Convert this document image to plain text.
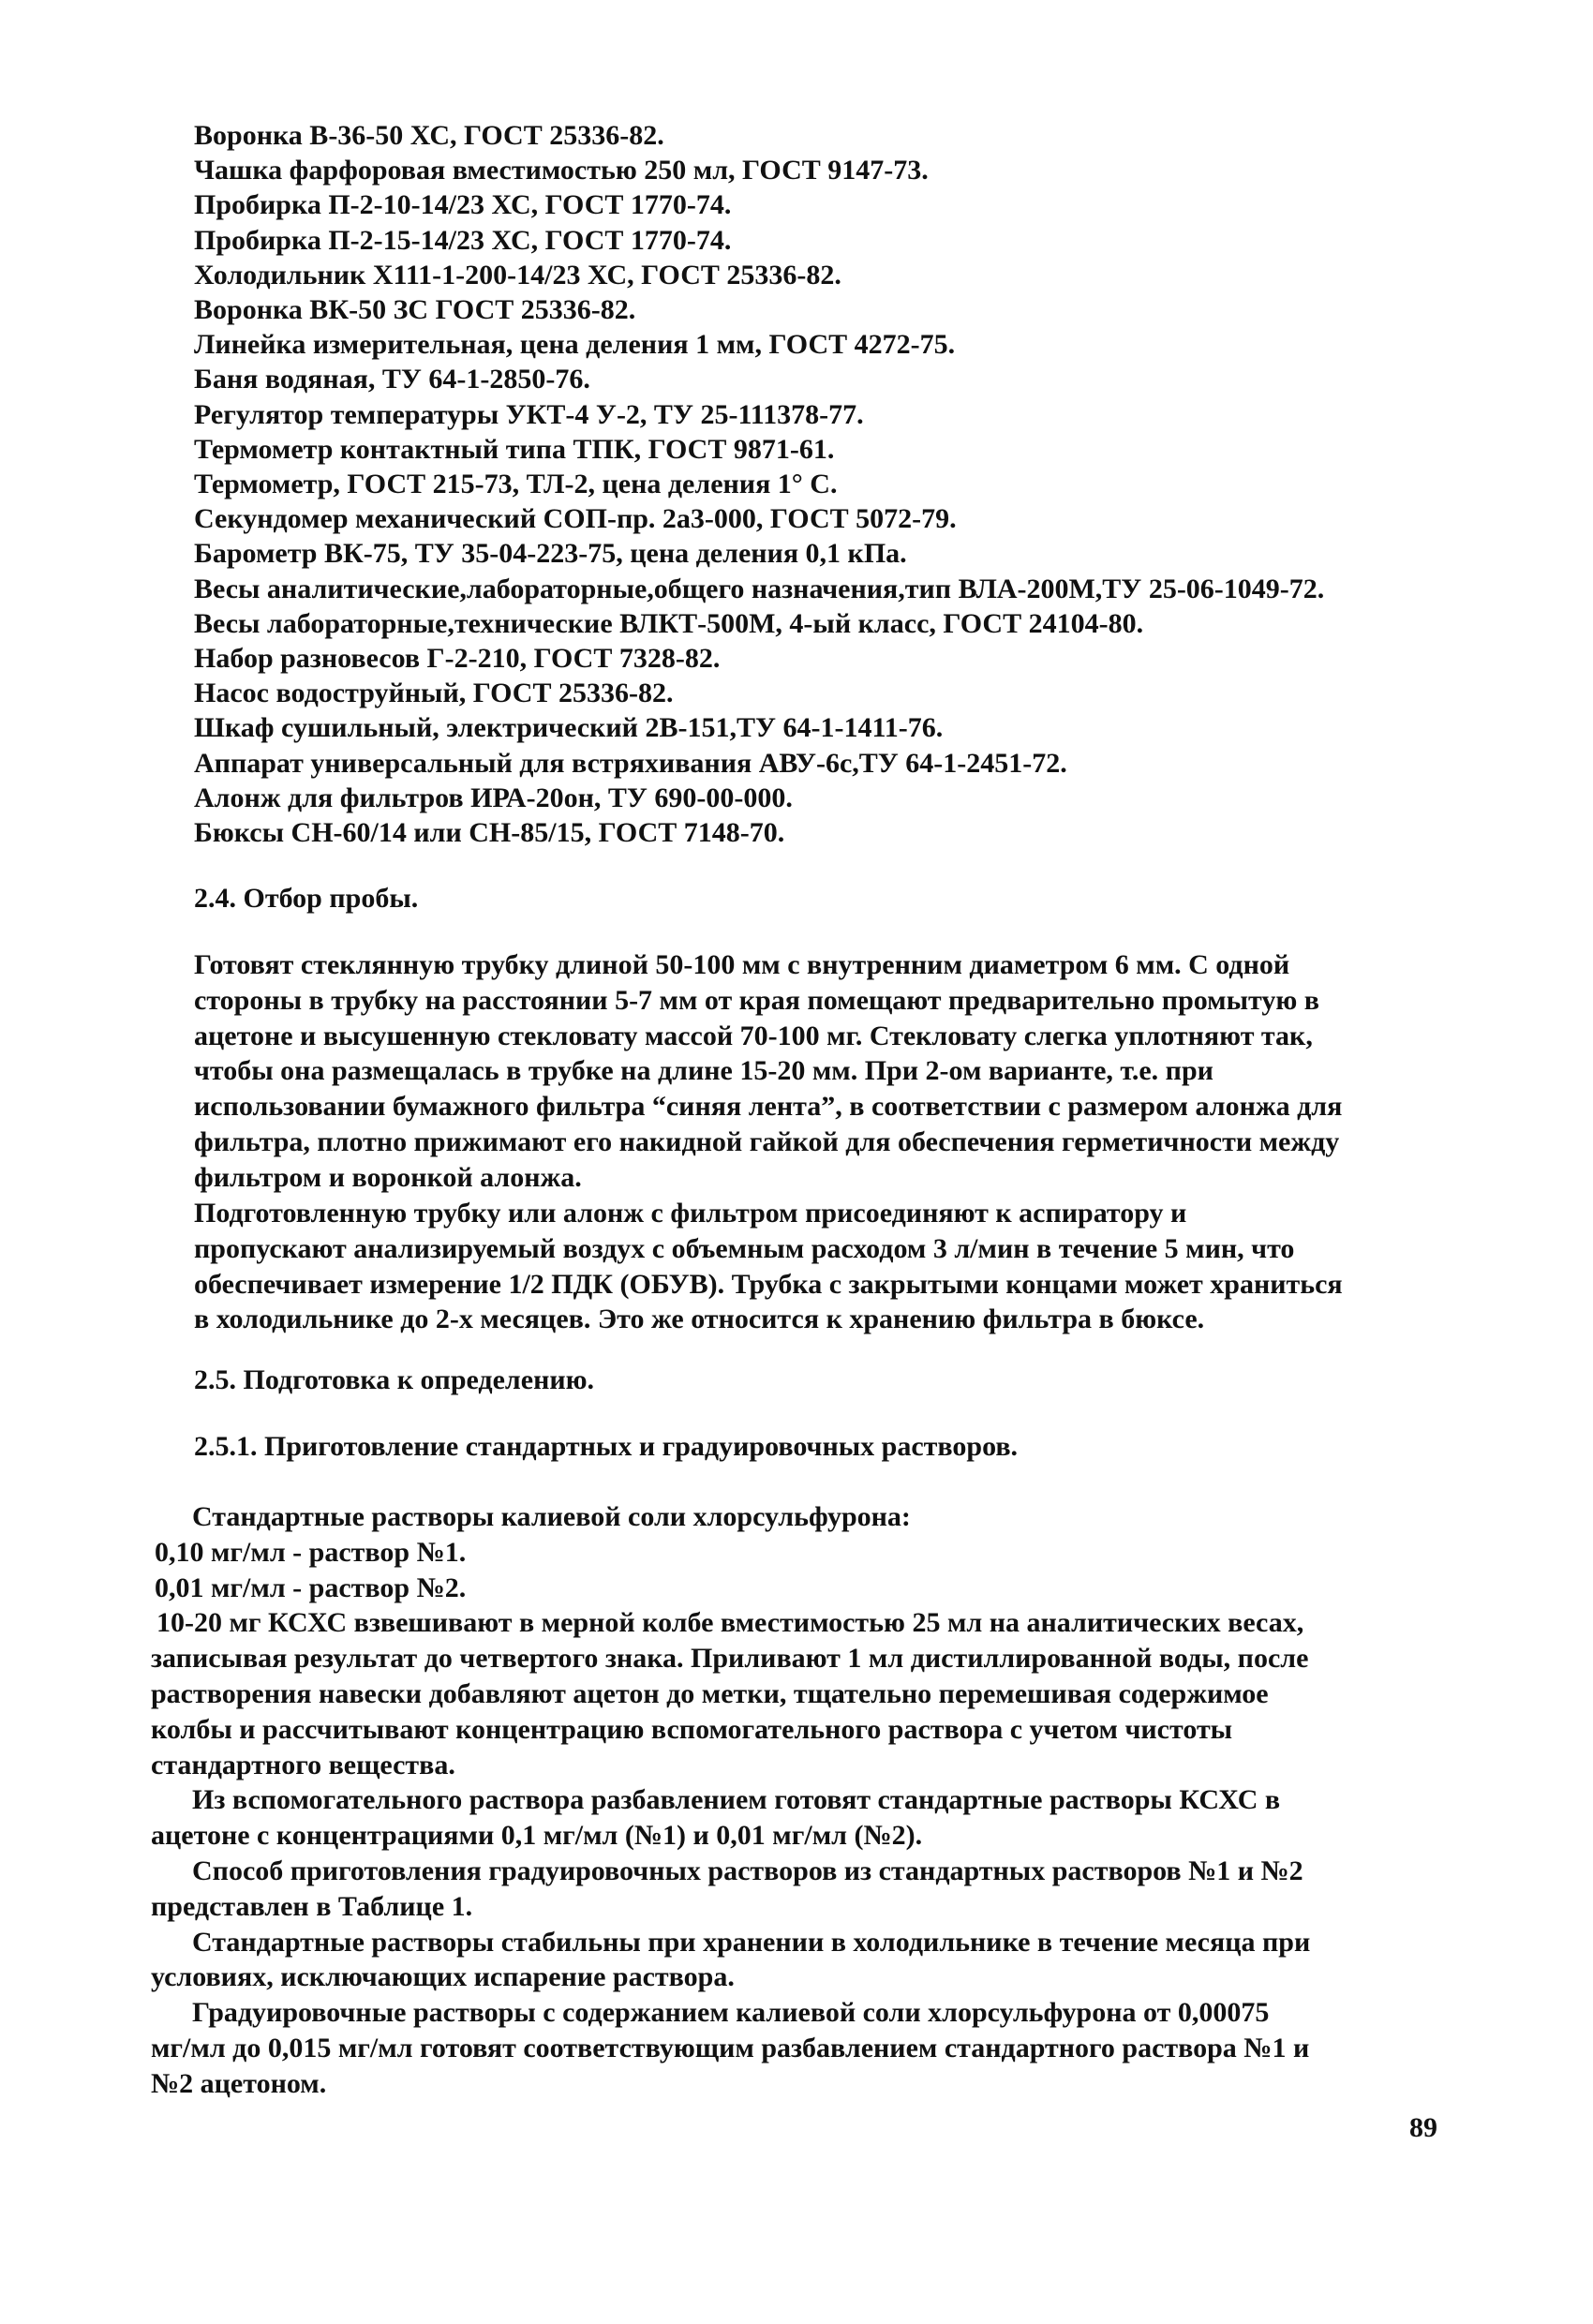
Воронка В-36-50 ХС, ГОСТ 25336-82.
Чашка фарфоровая вместимостью 250 мл, ГОСТ 9147-73.
Пробирка П-2-10-14/23 ХС, ГОСТ 1770-74.
Пробирка П-2-15-14/23 ХС, ГОСТ 1770-74.
Холодильник Х111-1-200-14/23 ХС, ГОСТ 25336-82.
Воронка ВК-50 ЗС ГОСТ 25336-82.
Линейка измерительная, цена деления 1 мм, ГОСТ 4272-75.
Баня водяная, ТУ 64-1-2850-76.
Регулятор температуры УКТ-4 У-2, ТУ 25-111378-77.
Термометр контактный типа ТПК, ГОСТ 9871-61.
Термометр, ГОСТ 215-73, ТЛ-2, цена деления 1° С.
Секундомер механический СОП-пр. 2а3-000, ГОСТ 5072-79.
Барометр ВК-75, ТУ 35-04-223-75, цена деления 0,1 кПа.
Весы аналитические,лабораторные,общего назначения,тип ВЛА-200М,ТУ 25-06-1049-72.
Весы лабораторные,технические ВЛКТ-500М, 4-ый класс, ГОСТ 24104-80.
Набор разновесов Г-2-210, ГОСТ 7328-82.
Насос водоструйный, ГОСТ 25336-82.
Шкаф сушильный, электрический 2В-151,ТУ 64-1-1411-76.
Аппарат универсальный для встряхивания АВУ-6с,ТУ 64-1-2451-72.
Алонж для фильтров ИРА-20он, ТУ 690-00-000.
Бюксы СН-60/14 или СН-85/15, ГОСТ 7148-70.
2.4. Отбор пробы.
Готовят стеклянную трубку длиной 50-100 мм с внутренним диаметром 6 мм. С одной
стороны в трубку на расстоянии 5-7 мм от края помещают предварительно промытую в
ацетоне и высушенную стекловату массой 70-100 мг. Стекловату слегка уплотняют так,
чтобы она размещалась в трубке на длине 15-20 мм. При 2-ом варианте, т.е. при
использовании бумажного фильтра “синяя лента”, в соответствии с размером алонжа для
фильтра, плотно прижимают его накидной гайкой для обеспечения герметичности между
фильтром и воронкой алонжа.
Подготовленную трубку или алонж с фильтром присоединяют к аспиратору и
пропускают анализируемый воздух с объемным расходом 3 л/мин в течение 5 мин, что
обеспечивает измерение 1/2 ПДК (ОБУВ). Трубка с закрытыми концами может храниться
в холодильнике до 2-х месяцев. Это же относится к хранению фильтра в бюксе.
2.5. Подготовка к определению.
2.5.1. Приготовление стандартных и градуировочных растворов.
Стандартные растворы калиевой соли хлорсульфурона:
0,10 мг/мл - раствор №1.
0,01 мг/мл - раствор №2.
10-20 мг КСХС взвешивают в мерной колбе вместимостью 25 мл на аналитических весах,
записывая результат до четвертого знака. Приливают 1 мл дистиллированной воды, после
растворения навески добавляют ацетон до метки, тщательно перемешивая содержимое
колбы и рассчитывают концентрацию вспомогательного раствора с учетом чистоты
стандартного вещества.
Из вспомогательного раствора разбавлением готовят стандартные растворы КСХС в
ацетоне с концентрациями 0,1 мг/мл (№1) и 0,01 мг/мл (№2).
Способ приготовления градуировочных растворов из стандартных растворов №1 и №2
представлен в Таблице 1.
Стандартные растворы стабильны при хранении в холодильнике в течение месяца при
условиях, исключающих испарение раствора.
Градуировочные растворы с содержанием калиевой соли хлорсульфурона от 0,00075
мг/мл до 0,015 мг/мл готовят соответствующим разбавлением стандартного раствора №1 и
№2 ацетоном.
89
